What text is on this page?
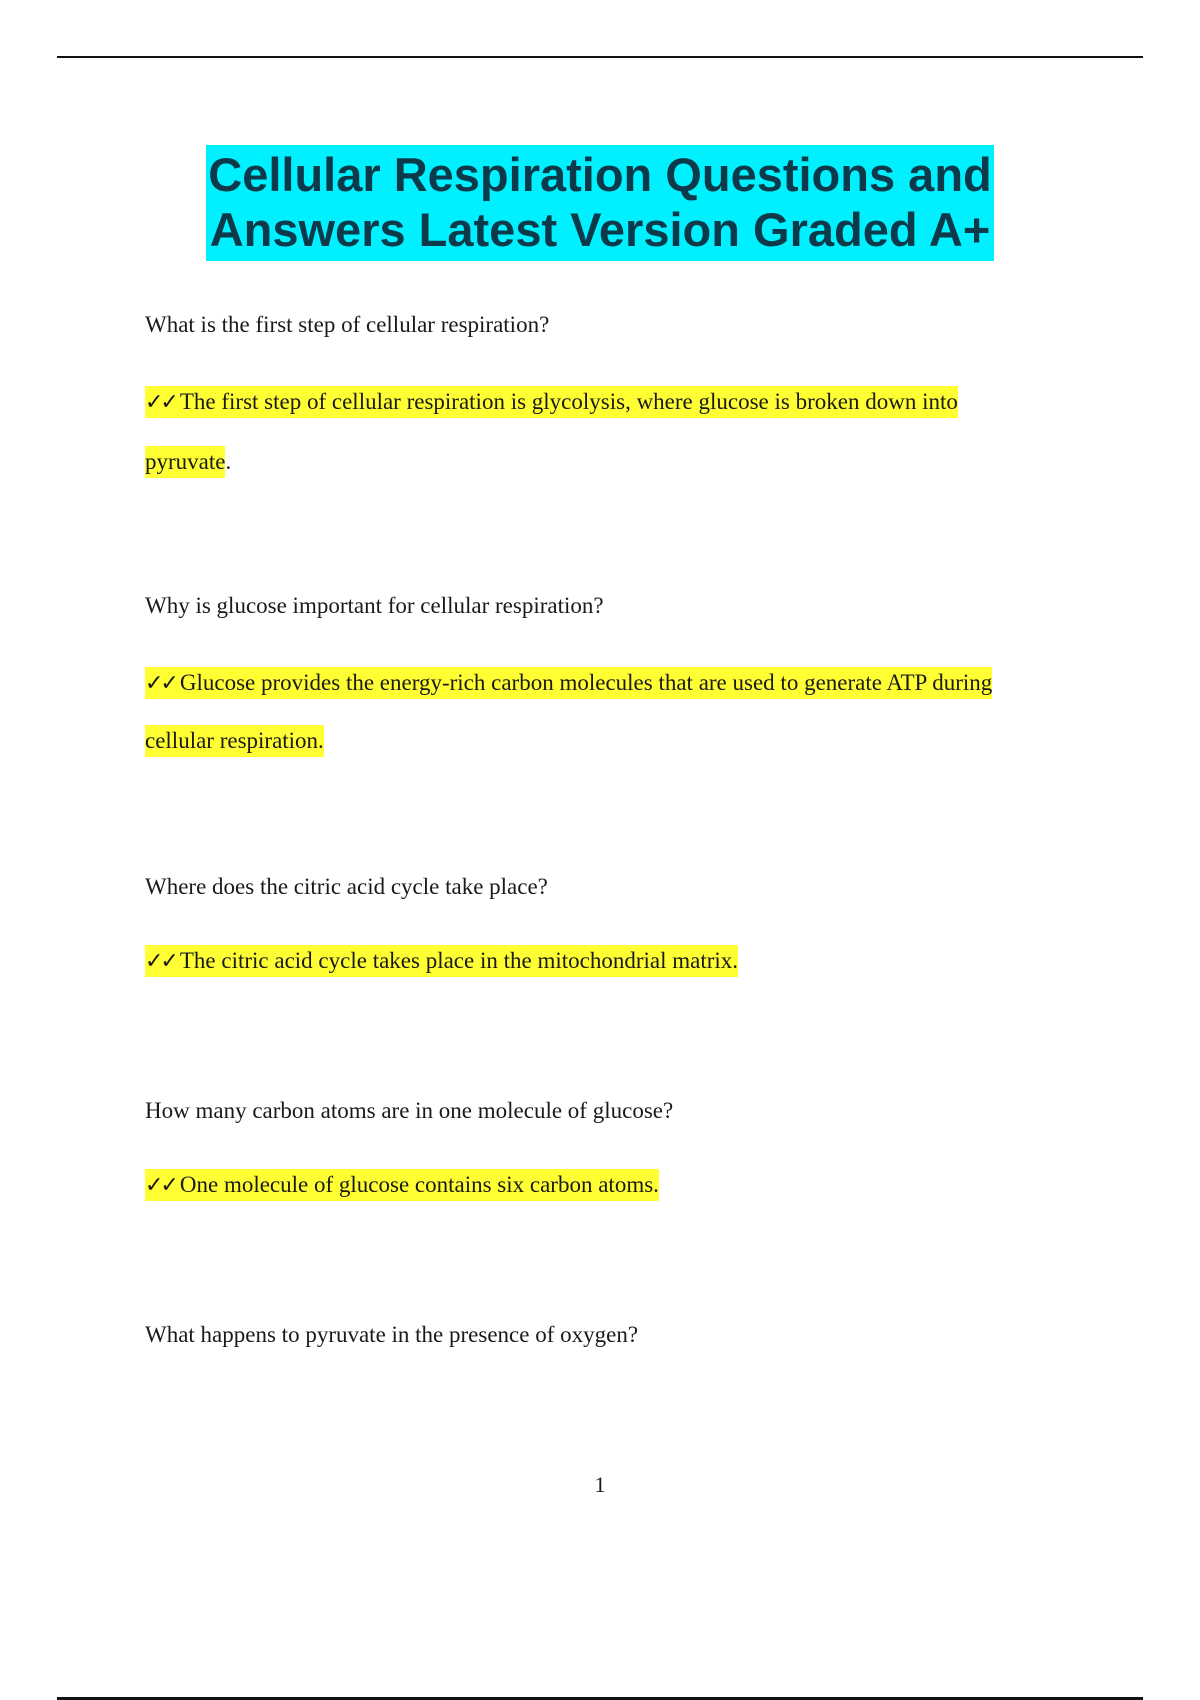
Cellular Respiration Questions and
Answers Latest Version Graded A+
What is the first step of cellular respiration?
✓✓ The first step of cellular respiration is glycolysis, where glucose is broken down into
pyruvate.
Why is glucose important for cellular respiration?
✓✓ Glucose provides the energy-rich carbon molecules that are used to generate ATP during
cellular respiration.
Where does the citric acid cycle take place?
✓✓ The citric acid cycle takes place in the mitochondrial matrix.
How many carbon atoms are in one molecule of glucose?
✓✓ One molecule of glucose contains six carbon atoms.
What happens to pyruvate in the presence of oxygen?
1
